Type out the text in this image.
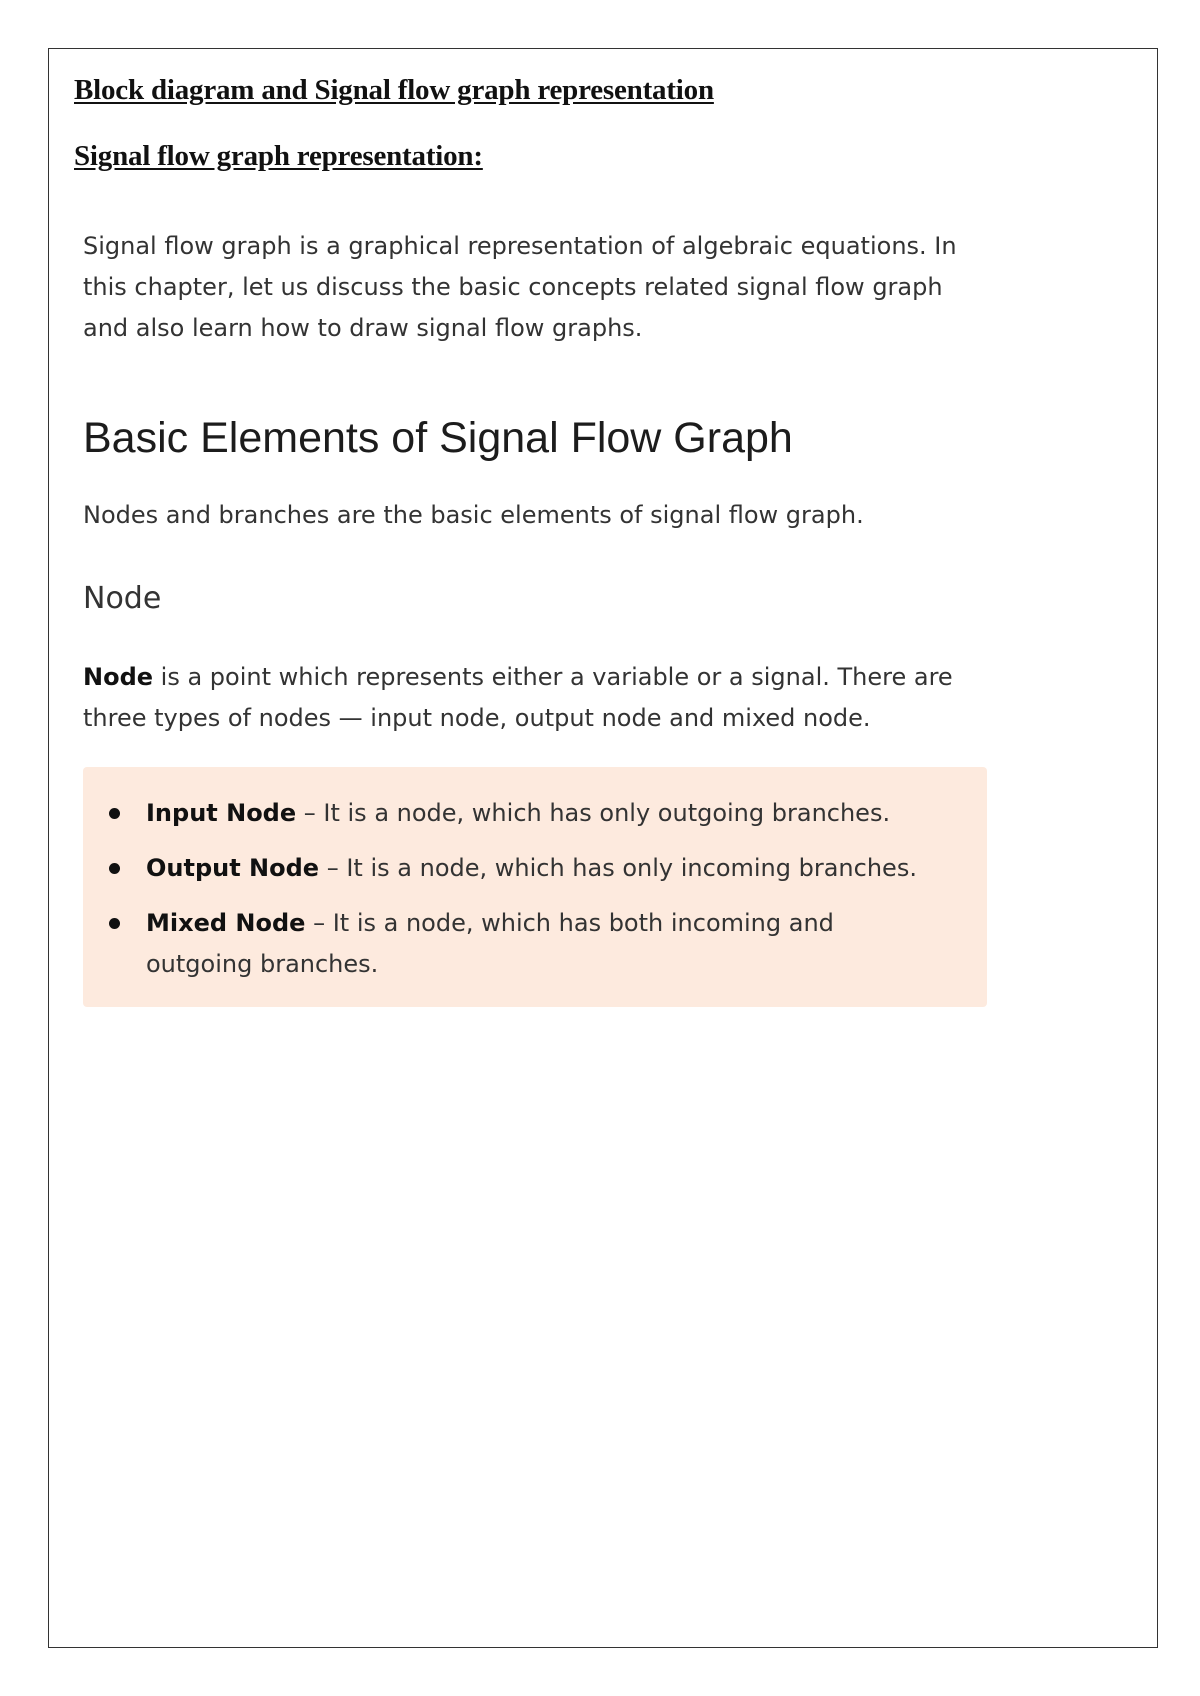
Block diagram and Signal flow graph representation
Signal flow graph representation:

Signal flow graph is a graphical representation of algebraic equations. In this chapter, let us discuss the basic concepts related signal flow graph and also learn how to draw signal flow graphs.

Basic Elements of Signal Flow Graph

Nodes and branches are the basic elements of signal flow graph.

Node

Node is a point which represents either a variable or a signal. There are three types of nodes — input node, output node and mixed node.

Input Node – It is a node, which has only outgoing branches.
Output Node – It is a node, which has only incoming branches.
Mixed Node – It is a node, which has both incoming and outgoing branches.
